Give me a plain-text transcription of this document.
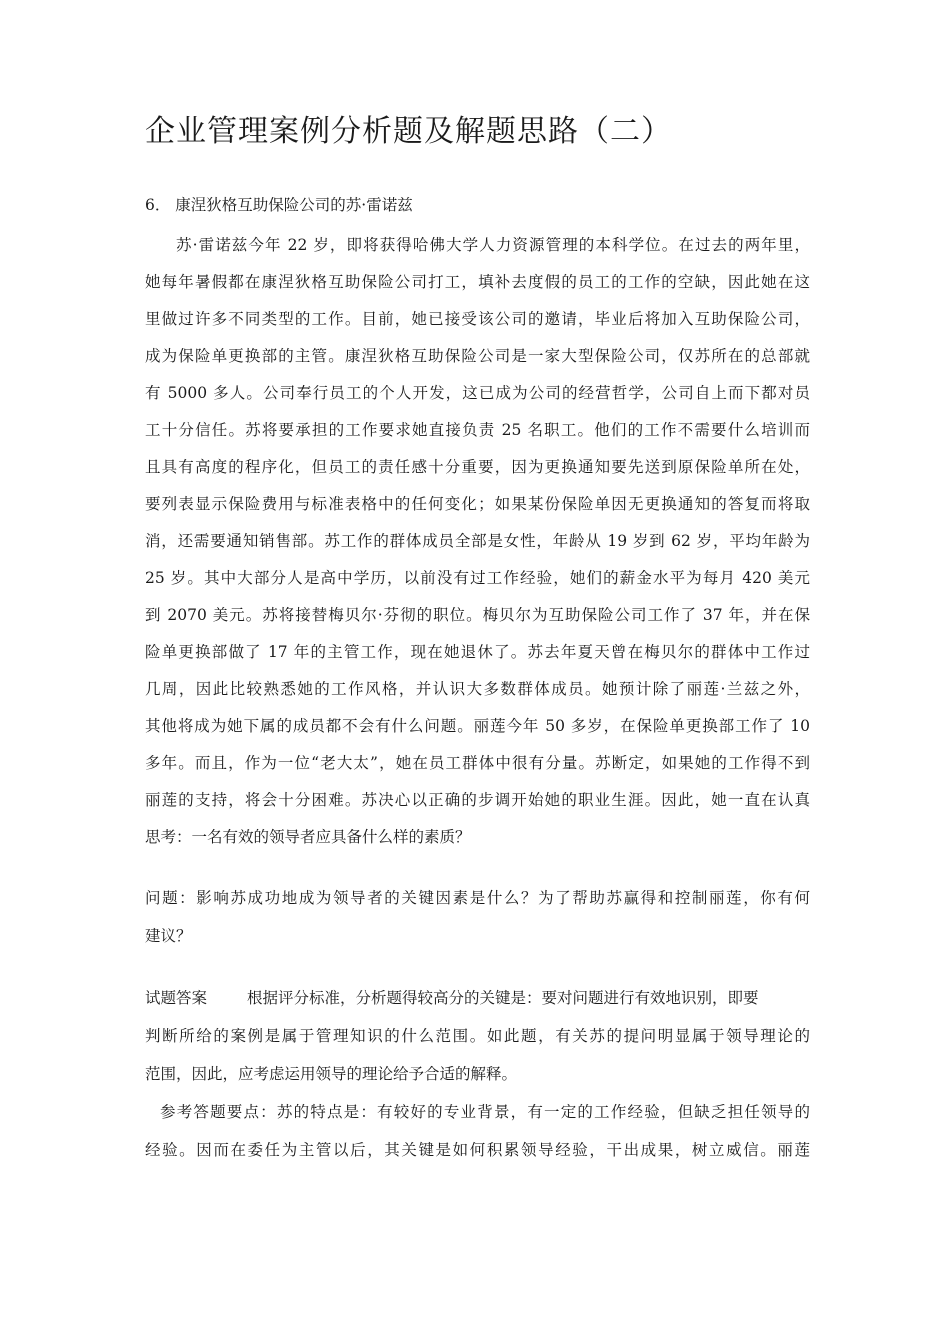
企业管理案例分析题及解题思路（二）
6． 康涅狄格互助保险公司的苏·雷诺兹
苏·雷诺兹今年 22 岁，即将获得哈佛大学人力资源管理的本科学位。在过去的两年里，
她每年暑假都在康涅狄格互助保险公司打工，填补去度假的员工的工作的空缺，因此她在这
里做过许多不同类型的工作。目前，她已接受该公司的邀请，毕业后将加入互助保险公司，
成为保险单更换部的主管。康涅狄格互助保险公司是一家大型保险公司，仅苏所在的总部就
有 5000 多人。公司奉行员工的个人开发，这已成为公司的经营哲学，公司自上而下都对员
工十分信任。苏将要承担的工作要求她直接负责 25 名职工。他们的工作不需要什么培训而
且具有高度的程序化，但员工的责任感十分重要，因为更换通知要先送到原保险单所在处，
要列表显示保险费用与标准表格中的任何变化；如果某份保险单因无更换通知的答复而将取
消，还需要通知销售部。苏工作的群体成员全部是女性，年龄从 19 岁到 62 岁，平均年龄为
25 岁。其中大部分人是高中学历，以前没有过工作经验，她们的薪金水平为每月 420 美元
到 2070 美元。苏将接替梅贝尔·芬彻的职位。梅贝尔为互助保险公司工作了 37 年，并在保
险单更换部做了 17 年的主管工作，现在她退休了。苏去年夏天曾在梅贝尔的群体中工作过
几周，因此比较熟悉她的工作风格，并认识大多数群体成员。她预计除了丽莲·兰兹之外，
其他将成为她下属的成员都不会有什么问题。丽莲今年 50 多岁，在保险单更换部工作了 10
多年。而且，作为一位“老大太”，她在员工群体中很有分量。苏断定，如果她的工作得不到
丽莲的支持，将会十分困难。苏决心以正确的步调开始她的职业生涯。因此，她一直在认真
思考：一名有效的领导者应具备什么样的素质？
问题：影响苏成功地成为领导者的关键因素是什么？为了帮助苏赢得和控制丽莲，你有何
建议？
试题答案	根据评分标准，分析题得较高分的关键是：要对问题进行有效地识别，即要
判断所给的案例是属于管理知识的什么范围。如此题，有关苏的提问明显属于领导理论的
范围，因此，应考虑运用领导的理论给予合适的解释。
参考答题要点：苏的特点是：有较好的专业背景，有一定的工作经验，但缺乏担任领导的
经验。因而在委任为主管以后，其关键是如何积累领导经验，干出成果，树立威信。丽莲
